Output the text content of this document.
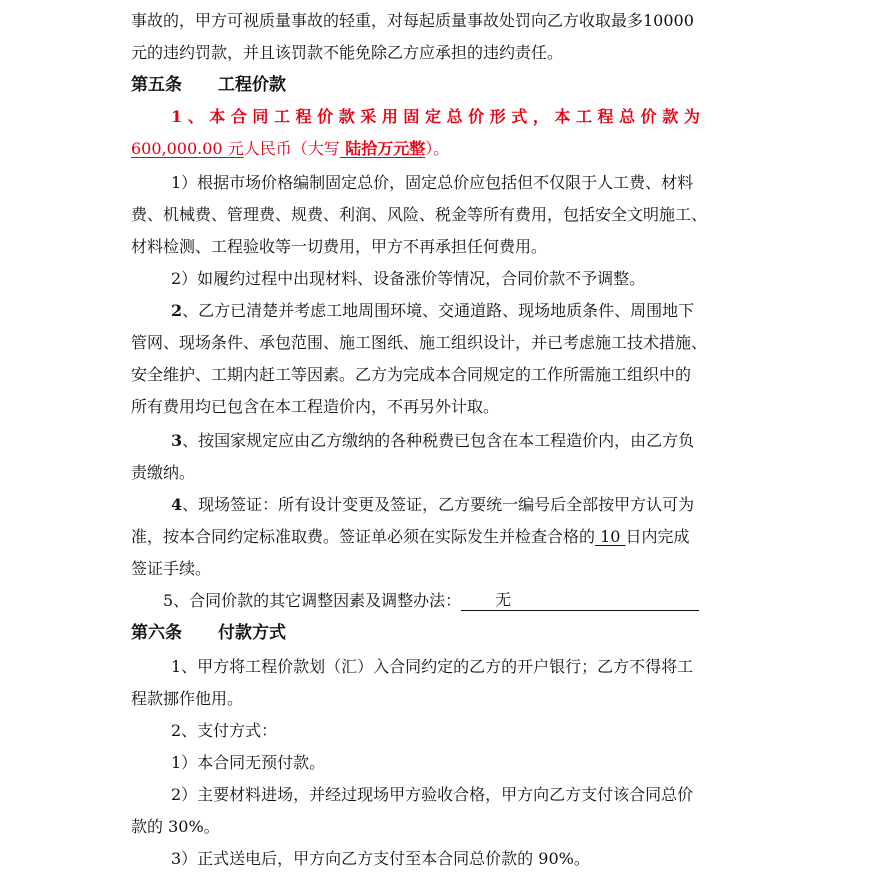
事故的，甲方可视质量事故的轻重，对每起质量事故处罚向乙方收取最多10000
元的违约罚款，并且该罚款不能免除乙方应承担的违约责任。
第五条 工程价款
1 、 本 合 同 工 程 价 款 采 用 固 定 总 价 形 式 ， 本 工 程 总 价 款 为
600,000.00 元人民币（大写 陆拾万元整）。
1）根据市场价格编制固定总价，固定总价应包括但不仅限于人工费、材料
费、机械费、管理费、规费、利润、风险、税金等所有费用，包括安全文明施工、
材料检测、工程验收等一切费用，甲方不再承担任何费用。
2）如履约过程中出现材料、设备涨价等情况，合同价款不予调整。
2、乙方已清楚并考虑工地周围环境、交通道路、现场地质条件、周围地下
管网、现场条件、承包范围、施工图纸、施工组织设计，并已考虑施工技术措施、
安全维护、工期内赶工等因素。乙方为完成本合同规定的工作所需施工组织中的
所有费用均已包含在本工程造价内，不再另外计取。
3、按国家规定应由乙方缴纳的各种税费已包含在本工程造价内，由乙方负
责缴纳。
4、现场签证：所有设计变更及签证，乙方要统一编号后全部按甲方认可为
准，按本合同约定标准取费。签证单必须在实际发生并检查合格的 10 日内完成
签证手续。
5、合同价款的其它调整因素及调整办法： 无
第六条 付款方式
1、甲方将工程价款划（汇）入合同约定的乙方的开户银行；乙方不得将工
程款挪作他用。
2、支付方式：
1）本合同无预付款。
2）主要材料进场，并经过现场甲方验收合格，甲方向乙方支付该合同总价
款的 30%。
3）正式送电后，甲方向乙方支付至本合同总价款的 90%。
